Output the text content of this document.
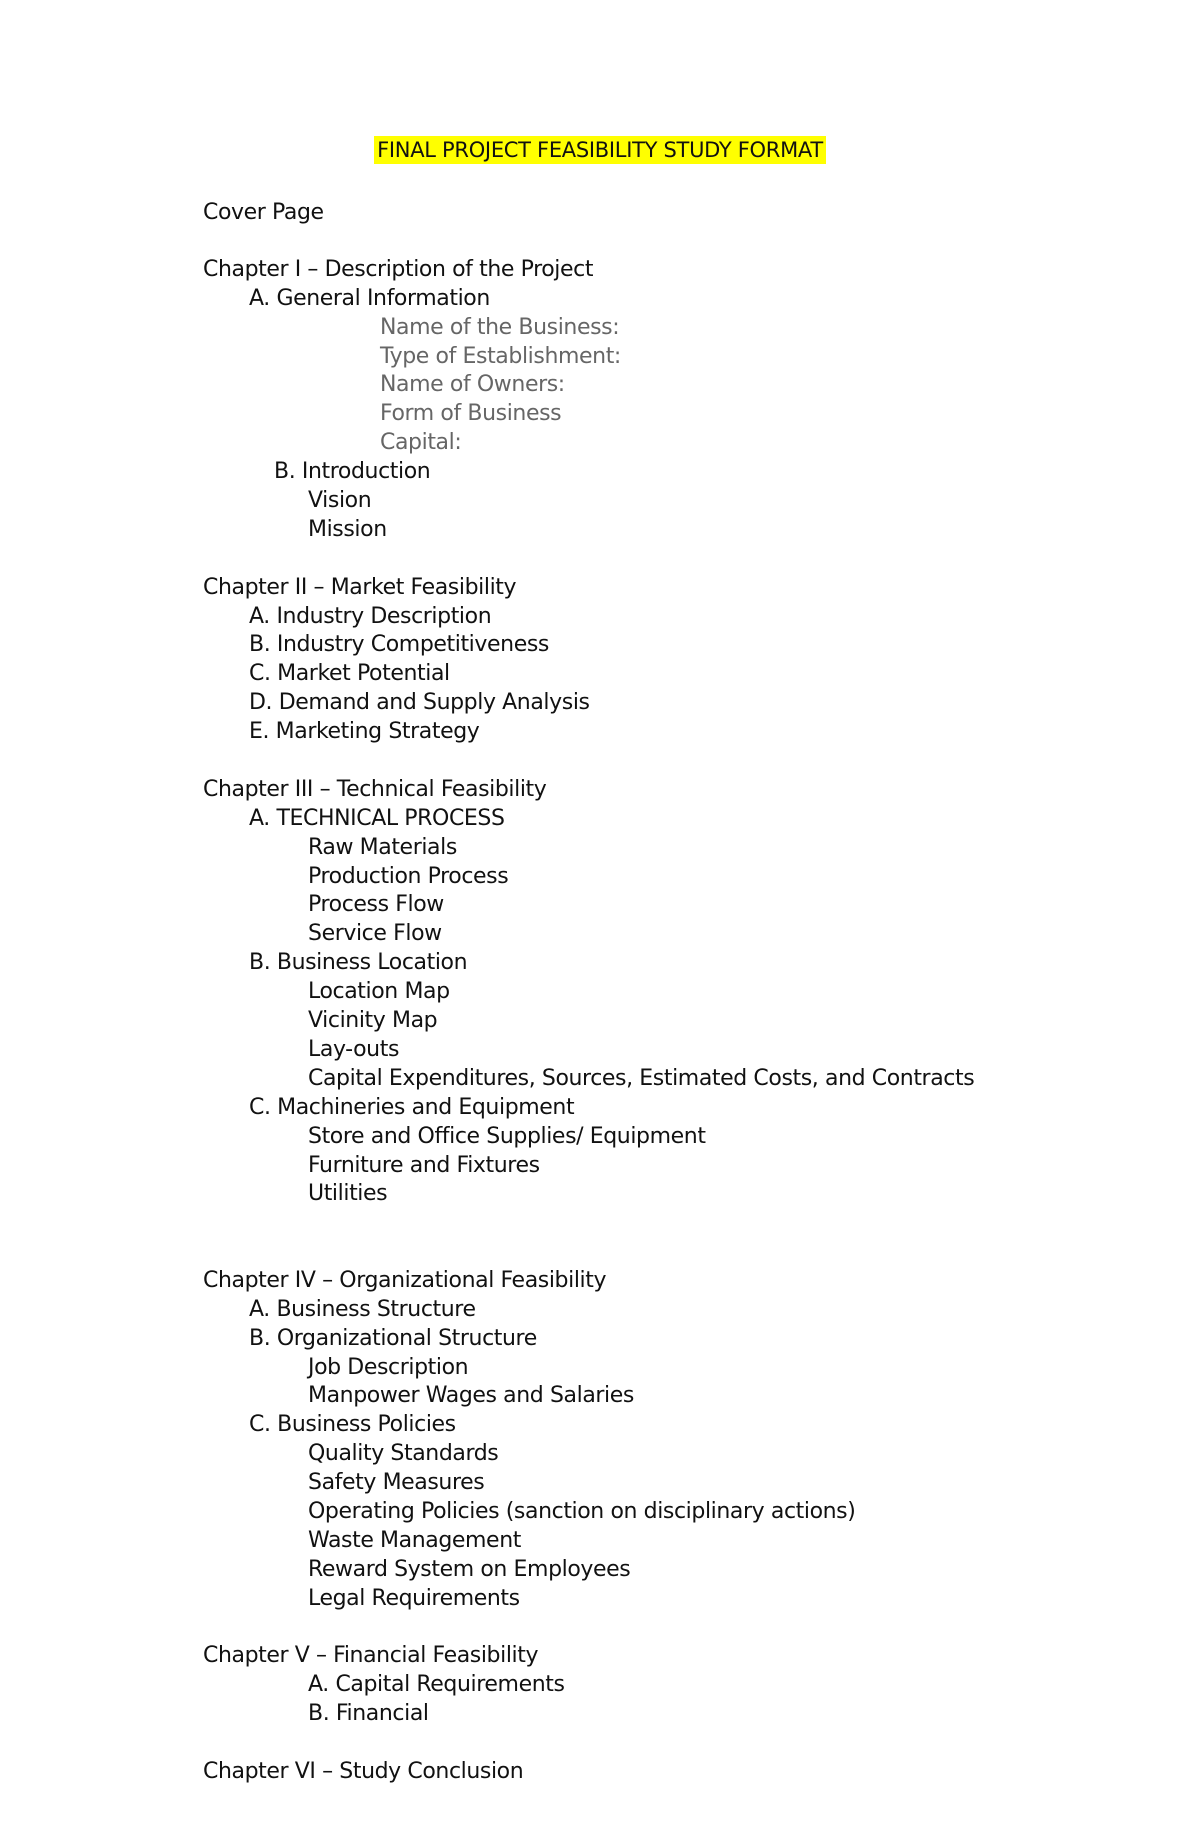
FINAL PROJECT FEASIBILITY STUDY FORMAT
Cover Page
Chapter I – Description of the Project
A. General Information
Name of the Business:
Type of Establishment:
Name of Owners:
Form of Business
Capital:
B. Introduction
Vision
Mission
Chapter II – Market Feasibility
A. Industry Description
B. Industry Competitiveness
C. Market Potential
D. Demand and Supply Analysis
E. Marketing Strategy
Chapter III – Technical Feasibility
A. TECHNICAL PROCESS
Raw Materials
Production Process
Process Flow
Service Flow
B. Business Location
Location Map
Vicinity Map
Lay-outs
Capital Expenditures, Sources, Estimated Costs, and Contracts
C. Machineries and Equipment
Store and Office Supplies/ Equipment
Furniture and Fixtures
Utilities
Chapter IV – Organizational Feasibility
A. Business Structure
B. Organizational Structure
Job Description
Manpower Wages and Salaries
C. Business Policies
Quality Standards
Safety Measures
Operating Policies (sanction on disciplinary actions)
Waste Management
Reward System on Employees
Legal Requirements
Chapter V – Financial Feasibility
A. Capital Requirements
B. Financial
Chapter VI – Study Conclusion
